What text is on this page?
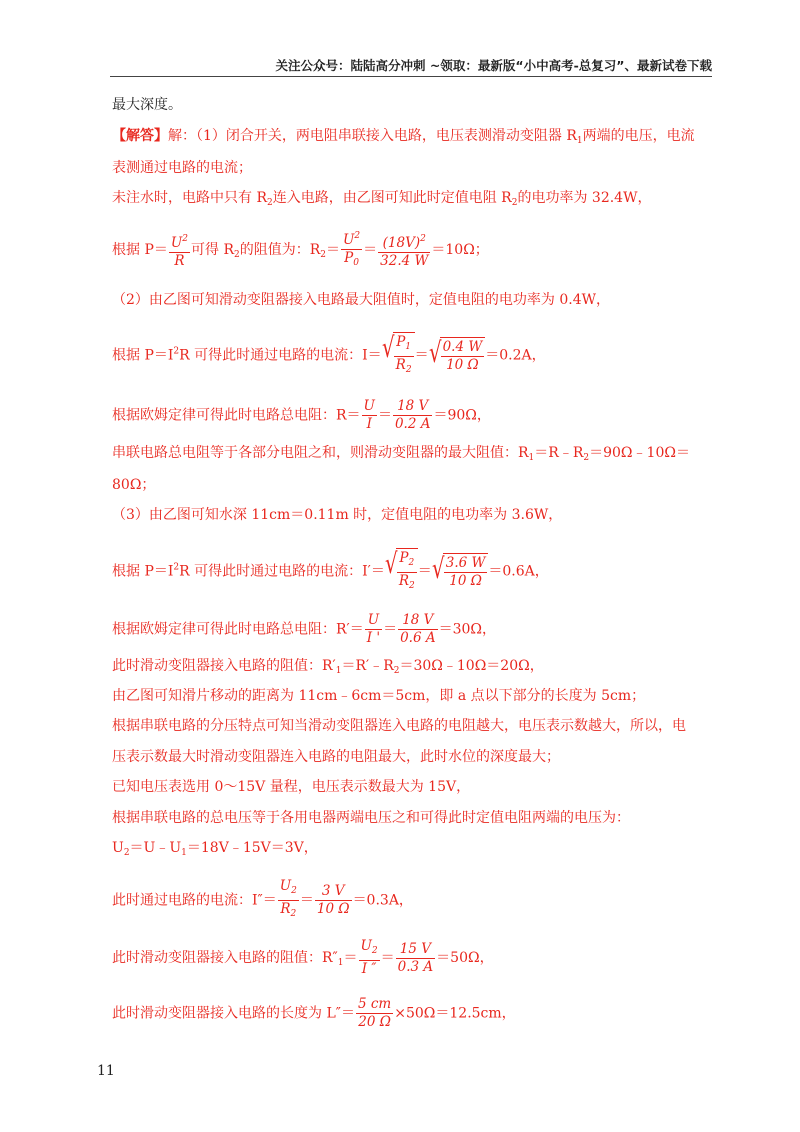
关注公众号：陆陆高分冲刺 ~领取：最新版“小中高考-总复习”、最新试卷下载
最大深度。
【解答】解：（1）闭合开关，两电阻串联接入电路，电压表测滑动变阻器 $R_1$两端的电压，电流
表测通过电路的电流；
未注水时，电路中只有 $R_2$连入电路，由乙图可知此时定值电阻 $R_2$的电功率为 32.4W，
根据 $P= \frac{U^2}{R}$ 可得 $R_2$的阻值为：$R_2= \frac{U^2}{P_0} = \frac{(18V)^2}{32.4 W} =10\Omega$；
（2）由乙图可知滑动变阻器接入电路最大阻值时，定值电阻的电功率为 0.4W，
根据 $P=I^2R$ 可得此时通过电路的电流：I＝ √ $\frac{P_1}{R_2}$ ＝ √ $\frac{0.4 W}{10 \Omega} =0.2A$，
根据欧姆定律可得此时电路总电阻：$R= \frac{U}{I} = \frac{18 V}{0.2 A} =90\Omega$，
串联电路总电阻等于各部分电阻之和，则滑动变阻器的最大阻值：$R_1=R﹣R_2=90\Omega﹣10\Omega=$
80Ω；
（3）由乙图可知水深 11cm＝0.11m 时，定值电阻的电功率为 3.6W，
根据 $P=I^2R$ 可得此时通过电路的电流：I′＝ √ $\frac{P_2}{R_2}$ ＝ √ $\frac{3.6 W}{10 \Omega} =0.6A$，
根据欧姆定律可得此时电路总电阻：$R'= \frac{U}{I '} = \frac{18 V}{0.6 A} =30\Omega$，
此时滑动变阻器接入电路的阻值：$R'_1=R'﹣R_2=30\Omega﹣10\Omega=20\Omega$，
由乙图可知滑片移动的距离为 11cm﹣6cm＝5cm，即 a 点以下部分的长度为 5cm；
根据串联电路的分压特点可知当滑动变阻器连入电路的电阻越大，电压表示数越大，所以，电
压表示数最大时滑动变阻器连入电路的电阻最大，此时水位的深度最大；
已知电压表选用 0～15V 量程，电压表示数最大为 15V，
根据串联电路的总电压等于各用电器两端电压之和可得此时定值电阻两端的电压为：
$U_2=U﹣U_1=18V﹣15V=3V$，
此时通过电路的电流：$I''= \frac{U_2}{R_2} = \frac{3 V}{10 \Omega} =0.3A$，
此时滑动变阻器接入电路的阻值：$R''_1= \frac{U_2}{I ''} = \frac{15 V}{0.3 A} =50\Omega$，
此时滑动变阻器接入电路的长度为 $L''= \frac{5 cm}{20 \Omega} \times 50\Omega=12.5cm$，
11
